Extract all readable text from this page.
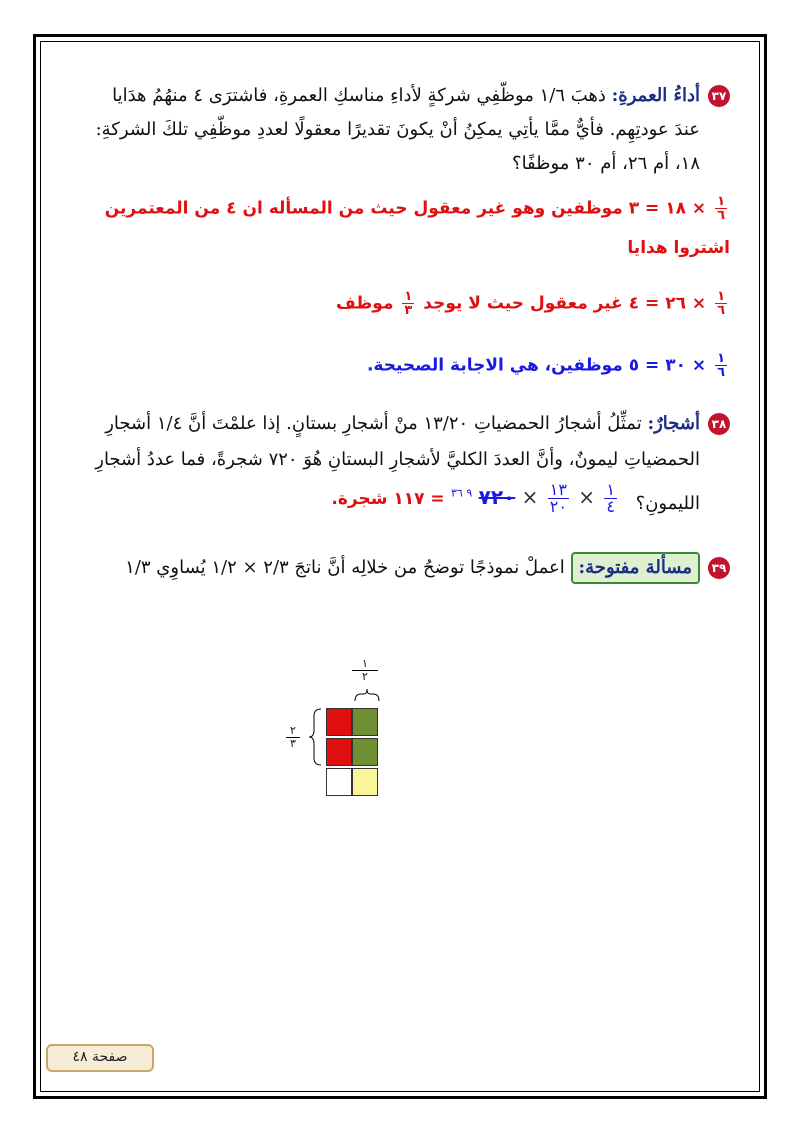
٣٧أداءُ العمرةِ: ذهبَ ١/٦ موظّفِي شركةٍ لأداءِ مناسكِ العمرةِ، فاشترَى ٤ منهُمُ هدَايا
عندَ عودتِهِم. فأيٌّ ممَّا يأتِي يمكِنُ أنْ يكونَ تقديرًا معقولًا لعددِ موظّفِي تلكَ الشركةِ:
١٨، أم ٢٦، أم ٣٠ موظفًا؟
$\frac{١}{٦}$
× ١٨ = ٣ موظفين وهو غير معقول حيث من المسأله ان ٤ من المعتمرين
اشتروا هدايا
$\frac{١}{٦}$
× ٢٦ = ٤ غير معقول حيث لا يوجد
$\frac{١}{٣}$
موظف
$\frac{١}{٦}$
× ٣٠ = ٥ موظفين، هي الاجابة الصحيحة.
٣٨أشجارٌ: تمثِّلُ أشجارُ الحمضياتِ ١٣/٢٠ منْ أشجارِ بستانٍ. إذا علمْتَ أنَّ ١/٤ أشجارِ
الحمضياتِ ليمونٌ، وأنَّ العددَ الكليَّ لأشجارِ البستانِ هُوَ ٧٢٠ شجرةً، فما عددُ أشجارِ
الليمونِ؟
$\frac{١}{٤}$
×
$\frac{١٣}{٢٠}$
× ٧٢٠ $^{٩ ٣٦}$ = ١١٧ شجرة.
٣٩مسألة مفتوحة: اعملْ نموذجًا توضحُ من خلالِه أنَّ ناتجَ ٢/٣ × ١/٢ يُساوِي ١/٣
١
٢
٢
٣
صفحة ٤٨
